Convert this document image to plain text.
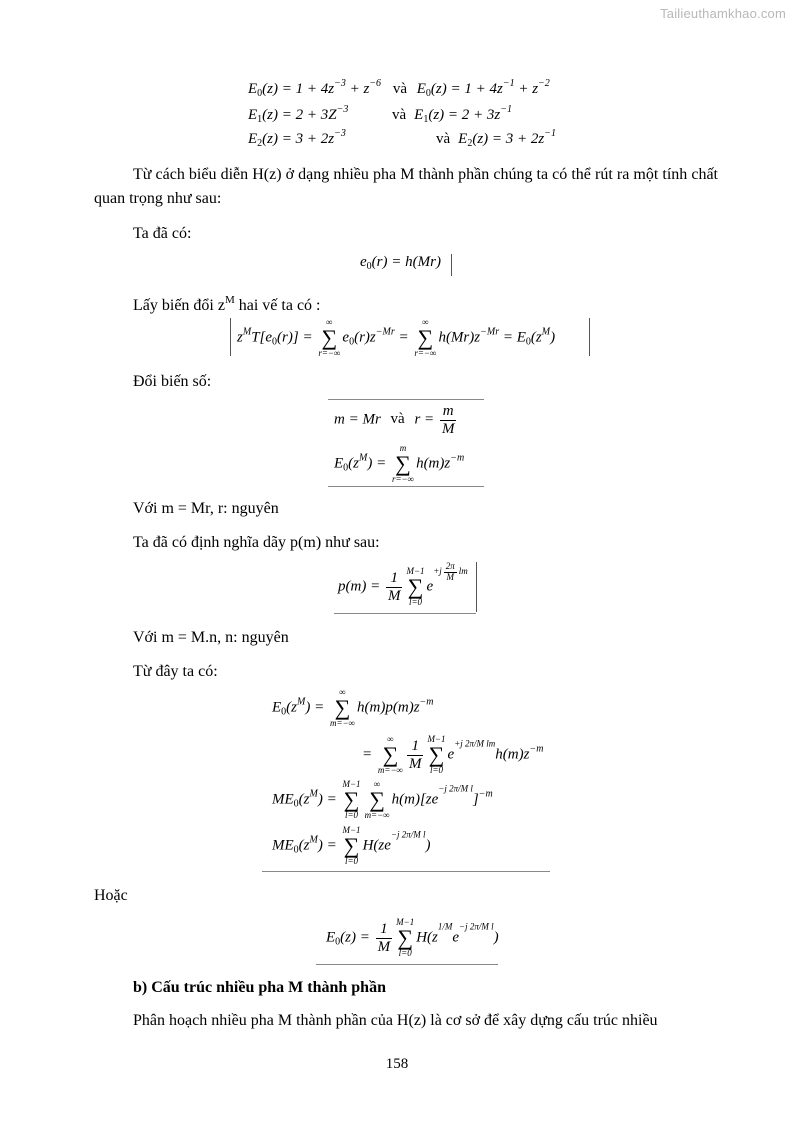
Tailieuthamkhao.com
$E_0(z) = 1 + 4z^{-3} + z^{-6}$ và $E_0(z) = 1 + 4z^{-1} + z^{-2}$
$E_1(z) = 2 + 3Z^{-3}$	và $E_1(z) = 2 + 3z^{-1}$
$E_2(z) = 3 + 2z^{-3}$	và $E_2(z) = 3 + 2z^{-1}$
Từ cách biểu diễn H(z) ở dạng nhiều pha M thành phần chúng ta có thể rút ra một tính chất quan trọng như sau:
Ta đã có:
$e_0(r) = h(Mr)$
Lấy biến đổi $z^M$ hai vế ta có :
$z^MT[e_0(r)]$ =
∞
∑
r=−∞
$e_0(r)z^{-Mr}$ =
∞
∑
r=−∞
$h(Mr)z^{-Mr} = E_0(z^M)$
Đổi biến số:
m = Mr và $r = \frac{m}{M}$
$E_0(z^M)$ =
m
∑
r=−∞
$h(m)z^{-m}$
Với m = Mr, r: nguyên
Ta đã có định nghĩa dãy p(m) như sau:
$p(m) = \frac{1}{M} M-1$
∑
l=0
$e^{+j \frac{2\pi}{M} lm}$
Với m = M.n, n: nguyên
Từ đây ta có:
$E_0(z^M)$ =
∞
∑
m=−∞
$h(m)p(m)z^{-m}$
=
∞
∑
$m=-\infty \frac{1}{M} M-1$
∑
l=0
$e^{+j 2\pi/M lm}h(m)z^{-m}$
$ME_0(z^M)$ =
M−1
∑
l=0
∞
∑
m=−∞
$h(m)[ze^{-j 2\pi/M l}]^{-m}$
$ME_0(z^M)$ =
M−1
∑
l=0
$H(ze^{-j 2\pi/M l})$
Hoặc
$E_0(z) = \frac{1}{M} M-1$
∑
l=0
$H(z^{1/M}e^{-j 2\pi/M l})$
b) Cấu trúc nhiều pha M thành phần
Phân hoạch nhiều pha M thành phần của H(z) là cơ sở để xây dựng cấu trúc nhiều
158
